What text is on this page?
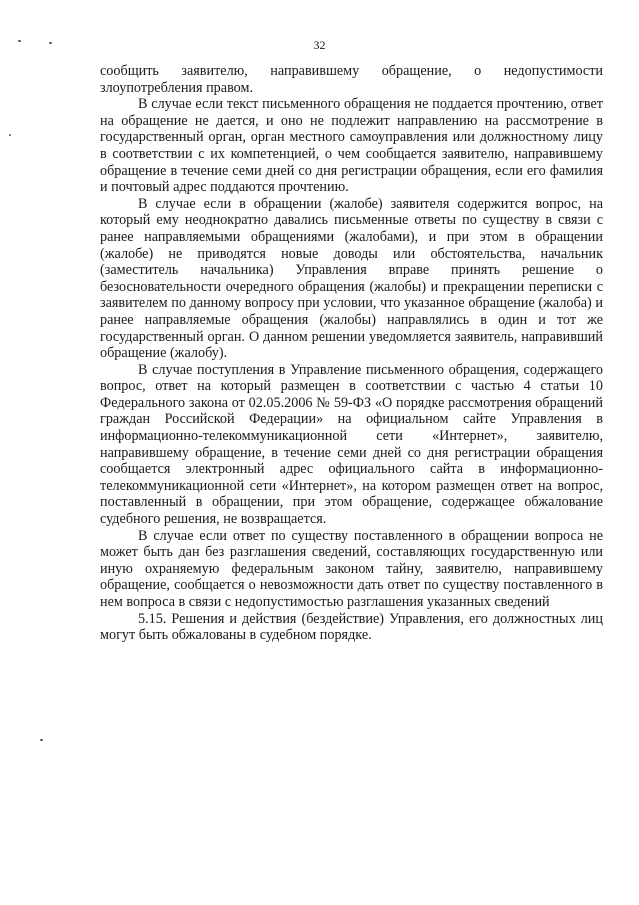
32

сообщить заявителю, направившему обращение, о недопустимости злоупотребления правом.

В случае если текст письменного обращения не поддается прочтению, ответ на обращение не дается, и оно не подлежит направлению на рассмотрение в государственный орган, орган местного самоуправления или должностному лицу в соответствии с их компетенцией, о чем сообщается заявителю, направившему обращение в течение семи дней со дня регистрации обращения, если его фамилия и почтовый адрес поддаются прочтению.

В случае если в обращении (жалобе) заявителя содержится вопрос, на который ему неоднократно давались письменные ответы по существу в связи с ранее направляемыми обращениями (жалобами), и при этом в обращении (жалобе) не приводятся новые доводы или обстоятельства, начальник (заместитель начальника) Управления вправе принять решение о безосновательности очередного обращения (жалобы) и прекращении переписки с заявителем по данному вопросу при условии, что указанное обращение (жалоба) и ранее направляемые обращения (жалобы) направлялись в один и тот же государственный орган. О данном решении уведомляется заявитель, направивший обращение (жалобу).

В случае поступления в Управление письменного обращения, содержащего вопрос, ответ на который размещен в соответствии с частью 4 статьи 10 Федерального закона от 02.05.2006 № 59-ФЗ «О порядке рассмотрения обращений граждан Российской Федерации» на официальном сайте Управления в информационно-телекоммуникационной сети «Интернет», заявителю, направившему обращение, в течение семи дней со дня регистрации обращения сообщается электронный адрес официального сайта в информационно-телекоммуникационной сети «Интернет», на котором размещен ответ на вопрос, поставленный в обращении, при этом обращение, содержащее обжалование судебного решения, не возвращается.

В случае если ответ по существу поставленного в обращении вопроса не может быть дан без разглашения сведений, составляющих государственную или иную охраняемую федеральным законом тайну, заявителю, направившему обращение, сообщается о невозможности дать ответ по существу поставленного в нем вопроса в связи с недопустимостью разглашения указанных сведений

5.15. Решения и действия (бездействие) Управления, его должностных лиц могут быть обжалованы в судебном порядке.
